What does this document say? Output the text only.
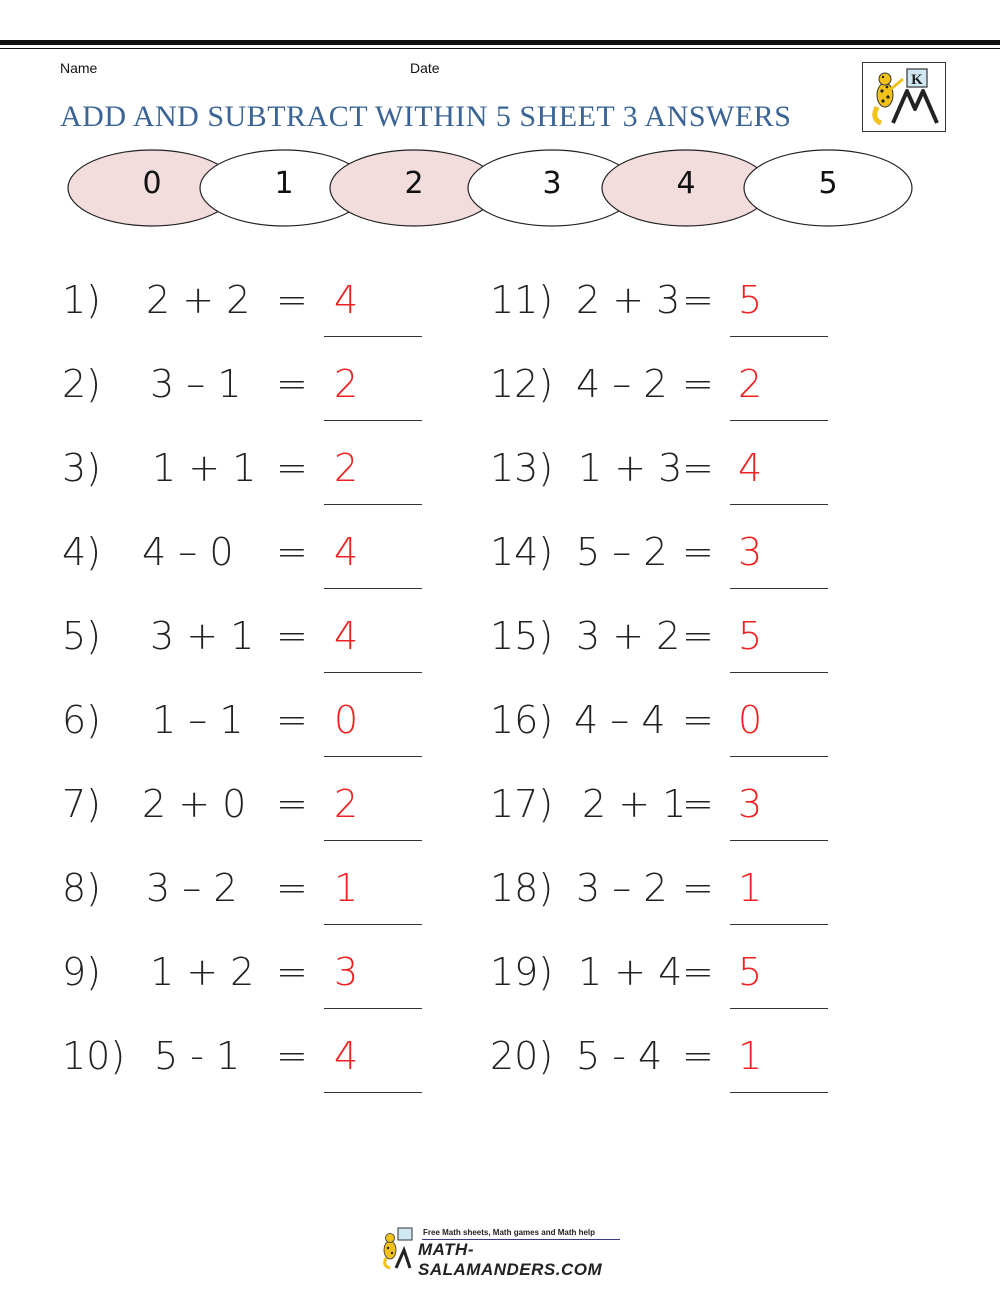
Name	Date
ADD AND SUBTRACT WITHIN 5 SHEET 3 ANSWERS
K
0	1	2	3	4	5
1) 2 + 2 = 4
2) 3 – 1 = 2
3) 1 + 1 = 2
4) 4 – 0 = 4
5) 3 + 1 = 4
6) 1 – 1 = 0
7) 2 + 0 = 2
8) 3 – 2 = 1
9) 1 + 2 = 3
10) 5 - 1 = 4
11) 2 + 3 = 5
12) 4 – 2 = 2
13) 1 + 3 = 4
14) 5 – 2 = 3
15) 3 + 2 = 5
16) 4 – 4 = 0
17) 2 + 1
= 3
18) 3 – 2 = 1
19) 1 + 4 = 5
20) 5 - 4 = 1
Free Math sheets, Math games and Math help
MATH-SALAMANDERS.COM
